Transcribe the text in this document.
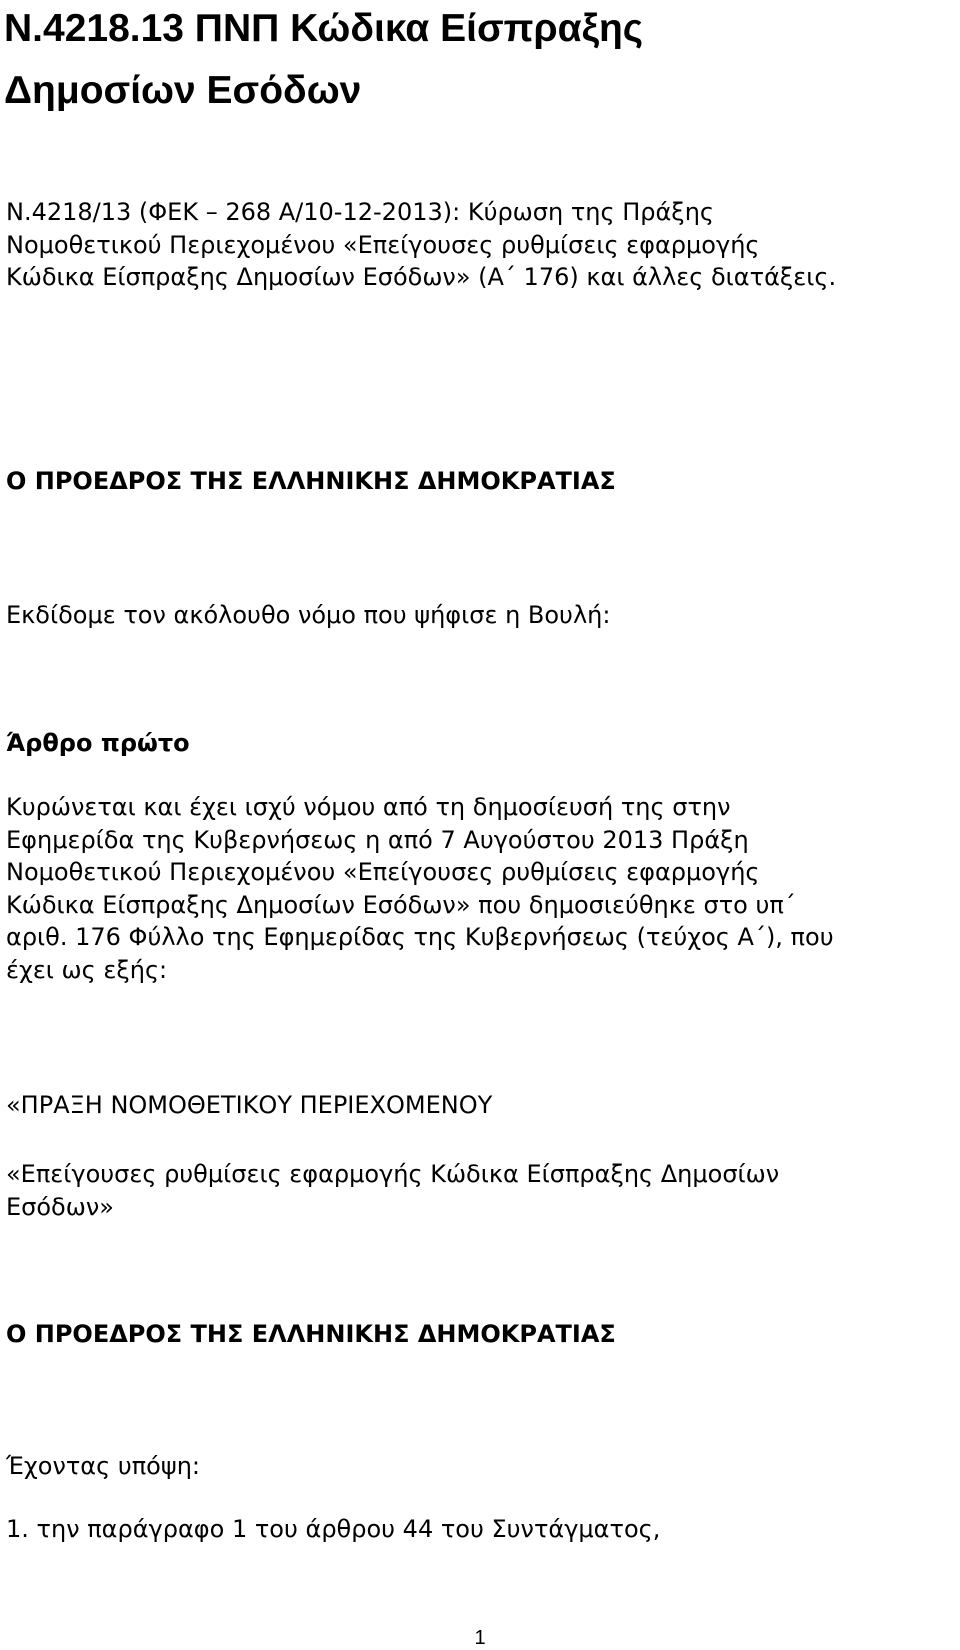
Ν.4218.13 ΠΝΠ Κώδικα Είσπραξης
Δημοσίων Εσόδων
Ν.4218/13 (ΦΕΚ – 268 Α/10-12-2013): Κύρωση της Πράξης
Νομοθετικού Περιεχομένου «Επείγουσες ρυθμίσεις εφαρμογής
Κώδικα Είσπραξης Δημοσίων Εσόδων» (Α΄ 176) και άλλες διατάξεις.
Ο ΠΡΟΕΔΡΟΣ ΤΗΣ ΕΛΛΗΝΙΚΗΣ ΔΗΜΟΚΡΑΤΙΑΣ
Εκδίδομε τον ακόλουθο νόμο που ψήφισε η Βουλή:
Άρθρο πρώτο
Κυρώνεται και έχει ισχύ νόμου από τη δημοσίευσή της στην
Εφημερίδα της Κυβερνήσεως η από 7 Αυγούστου 2013 Πράξη
Νομοθετικού Περιεχομένου «Επείγουσες ρυθμίσεις εφαρμογής
Κώδικα Είσπραξης Δημοσίων Εσόδων» που δημοσιεύθηκε στο υπ΄
αριθ. 176 Φύλλο της Εφημερίδας της Κυβερνήσεως (τεύχος Α΄), που
έχει ως εξής:
«ΠΡΑΞΗ ΝΟΜΟΘΕΤΙΚΟΥ ΠΕΡΙΕΧΟΜΕΝΟΥ
«Επείγουσες ρυθμίσεις εφαρμογής Κώδικα Είσπραξης Δημοσίων
Εσόδων»
Ο ΠΡΟΕΔΡΟΣ ΤΗΣ ΕΛΛΗΝΙΚΗΣ ΔΗΜΟΚΡΑΤΙΑΣ
Έχοντας υπόψη:
1. την παράγραφο 1 του άρθρου 44 του Συντάγματος,
1
